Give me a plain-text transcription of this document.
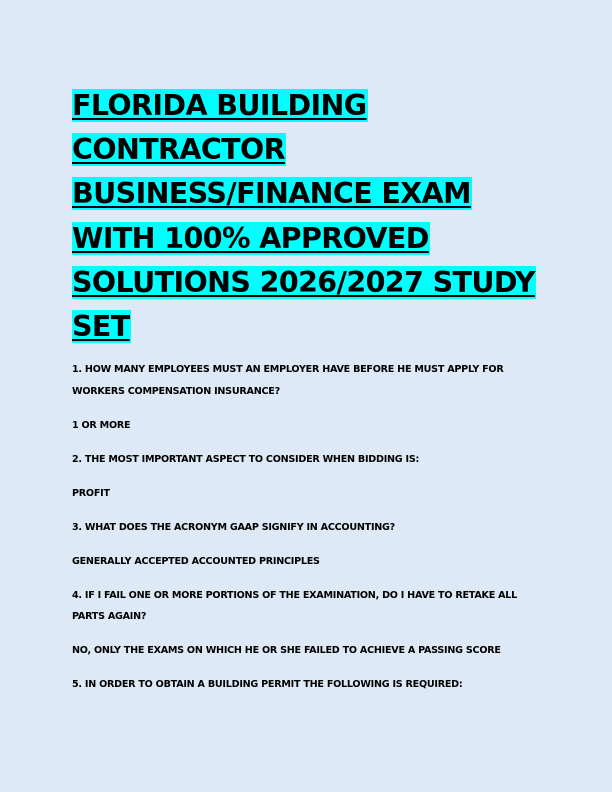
FLORIDA BUILDING
CONTRACTOR
BUSINESS/FINANCE EXAM
WITH 100% APPROVED
SOLUTIONS 2026/2027 STUDY
SET

1. HOW MANY EMPLOYEES MUST AN EMPLOYER HAVE BEFORE HE MUST APPLY FOR WORKERS COMPENSATION INSURANCE?

1 OR MORE

2. THE MOST IMPORTANT ASPECT TO CONSIDER WHEN BIDDING IS:

PROFIT

3. WHAT DOES THE ACRONYM GAAP SIGNIFY IN ACCOUNTING?

GENERALLY ACCEPTED ACCOUNTED PRINCIPLES

4. IF I FAIL ONE OR MORE PORTIONS OF THE EXAMINATION, DO I HAVE TO RETAKE ALL PARTS AGAIN?

NO, ONLY THE EXAMS ON WHICH HE OR SHE FAILED TO ACHIEVE A PASSING SCORE

5. IN ORDER TO OBTAIN A BUILDING PERMIT THE FOLLOWING IS REQUIRED:
